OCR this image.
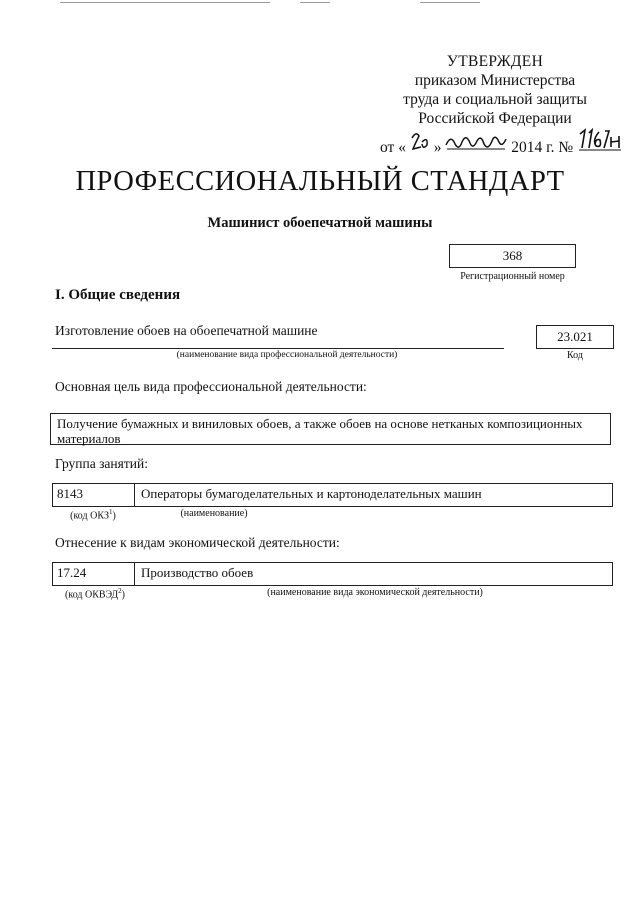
УТВЕРЖДЕН
приказом Министерства
труда и социальной защиты
Российской Федерации
от « »	2014 г. №
ПРОФЕССИОНАЛЬНЫЙ СТАНДАРТ
Машинист обоепечатной машины
368
Регистрационный номер
I. Общие сведения
Изготовление обоев на обоепечатной машине
(наименование вида профессиональной деятельности)
23.021
Код
Основная цель вида профессиональной деятельности:
Получение бумажных и виниловых обоев, а также обоев на основе нетканых композиционных материалов
Группа занятий:
8143	Операторы бумагоделательных и картоноделательных машин
(код ОКЗ$^1$)	(наименование)
Отнесение к видам экономической деятельности:
17.24	Производство обоев
(код ОКВЭД$^2$)	(наименование вида экономической деятельности)
